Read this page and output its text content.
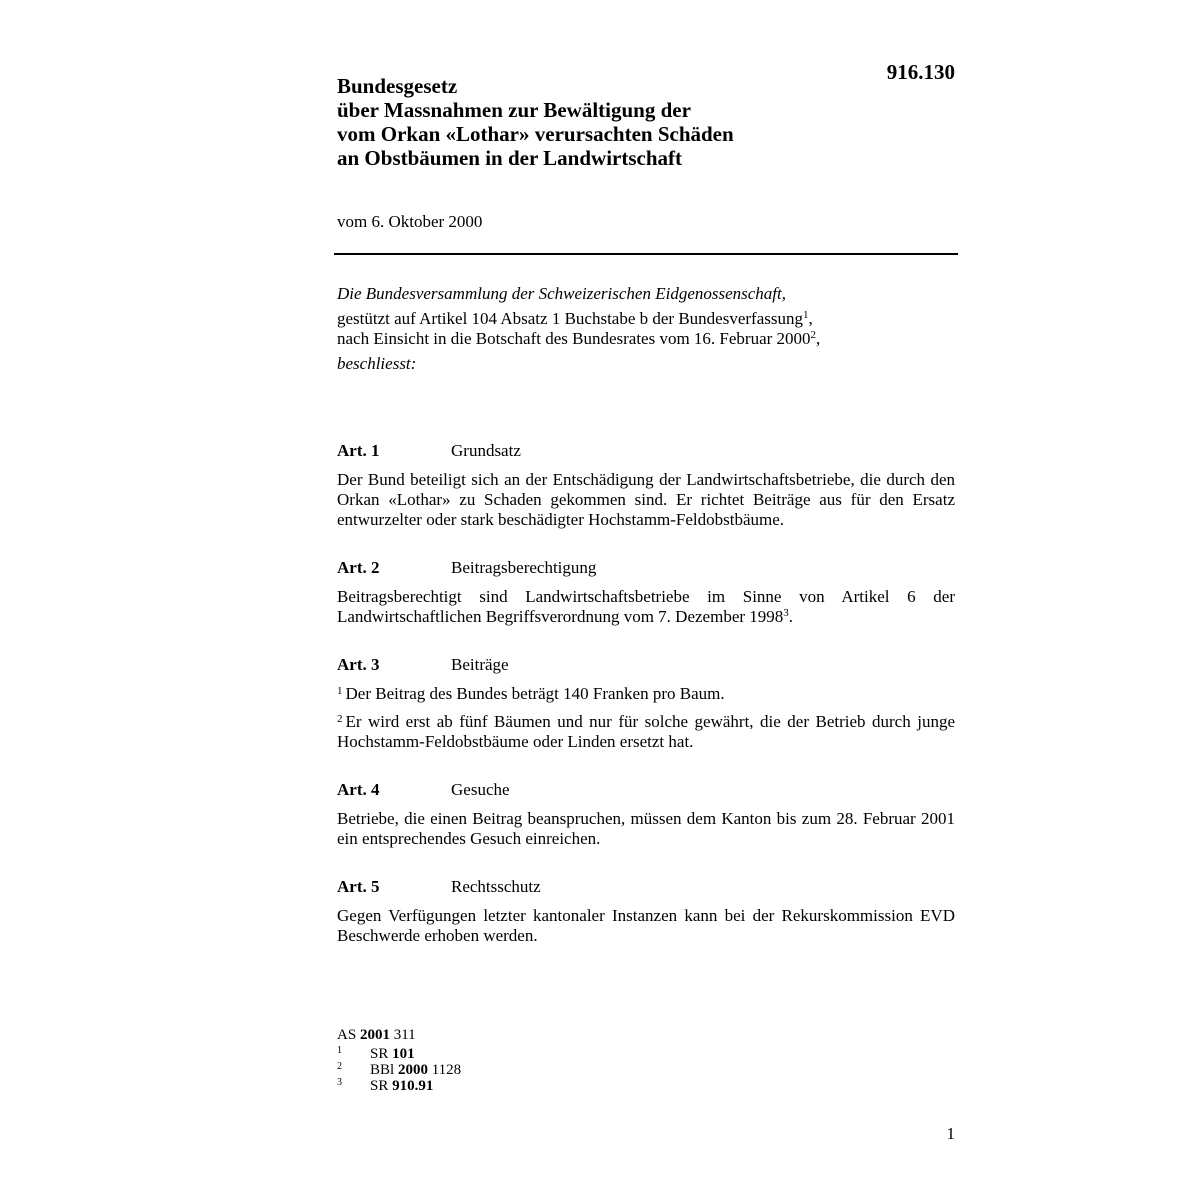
916.130
Bundesgesetz
über Massnahmen zur Bewältigung der
vom Orkan «Lothar» verursachten Schäden
an Obstbäumen in der Landwirtschaft
vom 6. Oktober 2000
Die Bundesversammlung der Schweizerischen Eidgenossenschaft,
gestützt auf Artikel 104 Absatz 1 Buchstabe b der Bundesverfassung$^1$,
nach Einsicht in die Botschaft des Bundesrates vom 16. Februar 2000$^2$,
beschliesst:
Art. 1	Grundsatz
Der Bund beteiligt sich an der Entschädigung der Landwirtschaftsbetriebe, die durch den Orkan «Lothar» zu Schaden gekommen sind. Er richtet Beiträge aus für den Ersatz entwurzelter oder stark beschädigter Hochstamm-Feldobstbäume.
Art. 2	Beitragsberechtigung
Beitragsberechtigt sind Landwirtschaftsbetriebe im Sinne von Artikel 6 der Landwirtschaftlichen Begriffsverordnung vom 7. Dezember 1998$^3$.
Art. 3	Beiträge
$^1$ Der Beitrag des Bundes beträgt 140 Franken pro Baum.
$^2$ Er wird erst ab fünf Bäumen und nur für solche gewährt, die der Betrieb durch junge Hochstamm-Feldobstbäume oder Linden ersetzt hat.
Art. 4	Gesuche
Betriebe, die einen Beitrag beanspruchen, müssen dem Kanton bis zum 28. Februar 2001 ein entsprechendes Gesuch einreichen.
Art. 5	Rechtsschutz
Gegen Verfügungen letzter kantonaler Instanzen kann bei der Rekurskommission EVD Beschwerde erhoben werden.
AS 2001 311
1 SR 101
2 BBl 2000 1128
3 SR 910.91
1
